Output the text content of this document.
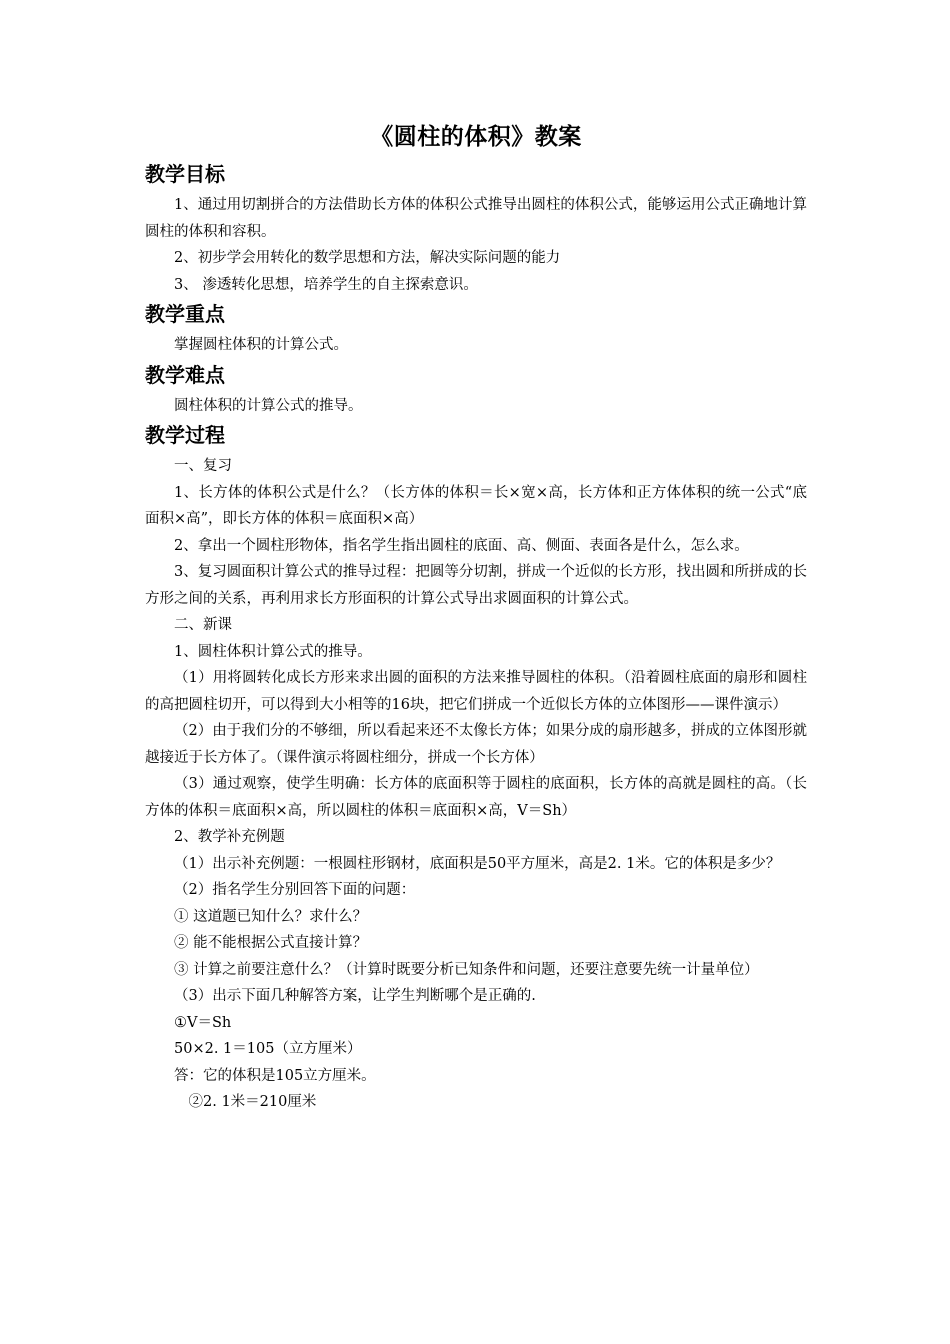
《圆柱的体积》教案
教学目标

1、通过用切割拼合的方法借助长方体的体积公式推导出圆柱的体积公式，能够运用公式正确地计算圆柱的体积和容积。

2、初步学会用转化的数学思想和方法，解决实际问题的能力

3、 渗透转化思想，培养学生的自主探索意识。

教学重点

掌握圆柱体积的计算公式。

教学难点

圆柱体积的计算公式的推导。

教学过程

一、复习

1、长方体的体积公式是什么？（长方体的体积＝长×宽×高，长方体和正方体体积的统一公式“底面积×高”，即长方体的体积＝底面积×高）

2、拿出一个圆柱形物体，指名学生指出圆柱的底面、高、侧面、表面各是什么，怎么求。

3、复习圆面积计算公式的推导过程：把圆等分切割，拼成一个近似的长方形，找出圆和所拼成的长方形之间的关系，再利用求长方形面积的计算公式导出求圆面积的计算公式。

二、新课

1、圆柱体积计算公式的推导。

（1）用将圆转化成长方形来求出圆的面积的方法来推导圆柱的体积。（沿着圆柱底面的扇形和圆柱的高把圆柱切开，可以得到大小相等的16块，把它们拼成一个近似长方体的立体图形——课件演示）

（2）由于我们分的不够细，所以看起来还不太像长方体；如果分成的扇形越多，拼成的立体图形就越接近于长方体了。（课件演示将圆柱细分，拼成一个长方体）

（3）通过观察，使学生明确：长方体的底面积等于圆柱的底面积，长方体的高就是圆柱的高。（长方体的体积＝底面积×高，所以圆柱的体积＝底面积×高，V＝Sh）

2、教学补充例题

（1）出示补充例题：一根圆柱形钢材，底面积是50平方厘米，高是2. 1米。它的体积是多少？

（2）指名学生分别回答下面的问题：

① 这道题已知什么？求什么？

② 能不能根据公式直接计算？

③ 计算之前要注意什么？（计算时既要分析已知条件和问题，还要注意要先统一计量单位）

（3）出示下面几种解答方案，让学生判断哪个是正确的.

①V＝Sh

50×2. 1＝105（立方厘米）

答：它的体积是105立方厘米。

②2. 1米＝210厘米
